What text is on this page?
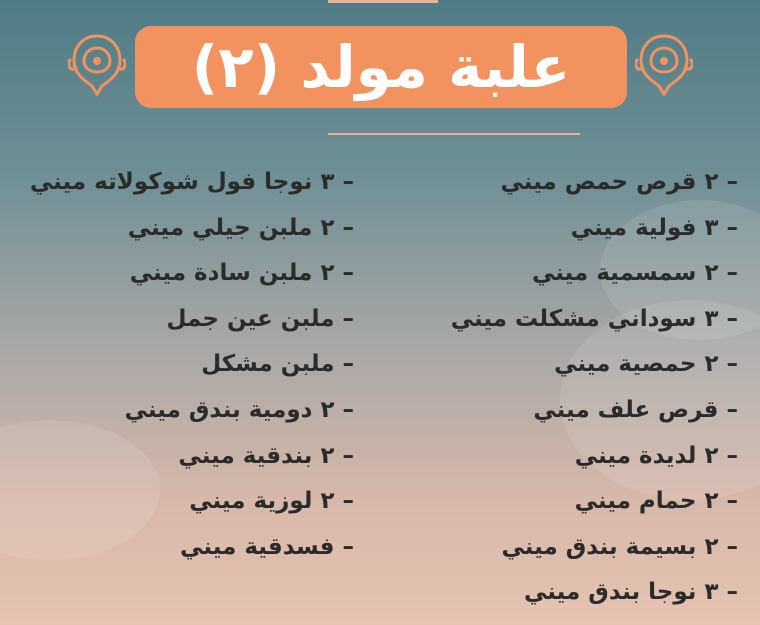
علبة مولد (٢)
– ٢ قرص حمص ميني
– ٣ فولية ميني
– ٢ سمسمية ميني
– ٣ سوداني مشكلت ميني
– ٢ حمصية ميني
– قرص علف ميني
– ٢ لديدة ميني
– ٢ حمام ميني
– ٢ بسيمة بندق ميني
– ٣ نوجا بندق ميني
– ٣ نوجا فول شوكولاته ميني
– ٢ ملبن جيلي ميني
– ٢ ملبن سادة ميني
– ملبن عين جمل
– ملبن مشكل
– ٢ دومية بندق ميني
– ٢ بندقية ميني
– ٢ لوزية ميني
– فسدقية ميني
